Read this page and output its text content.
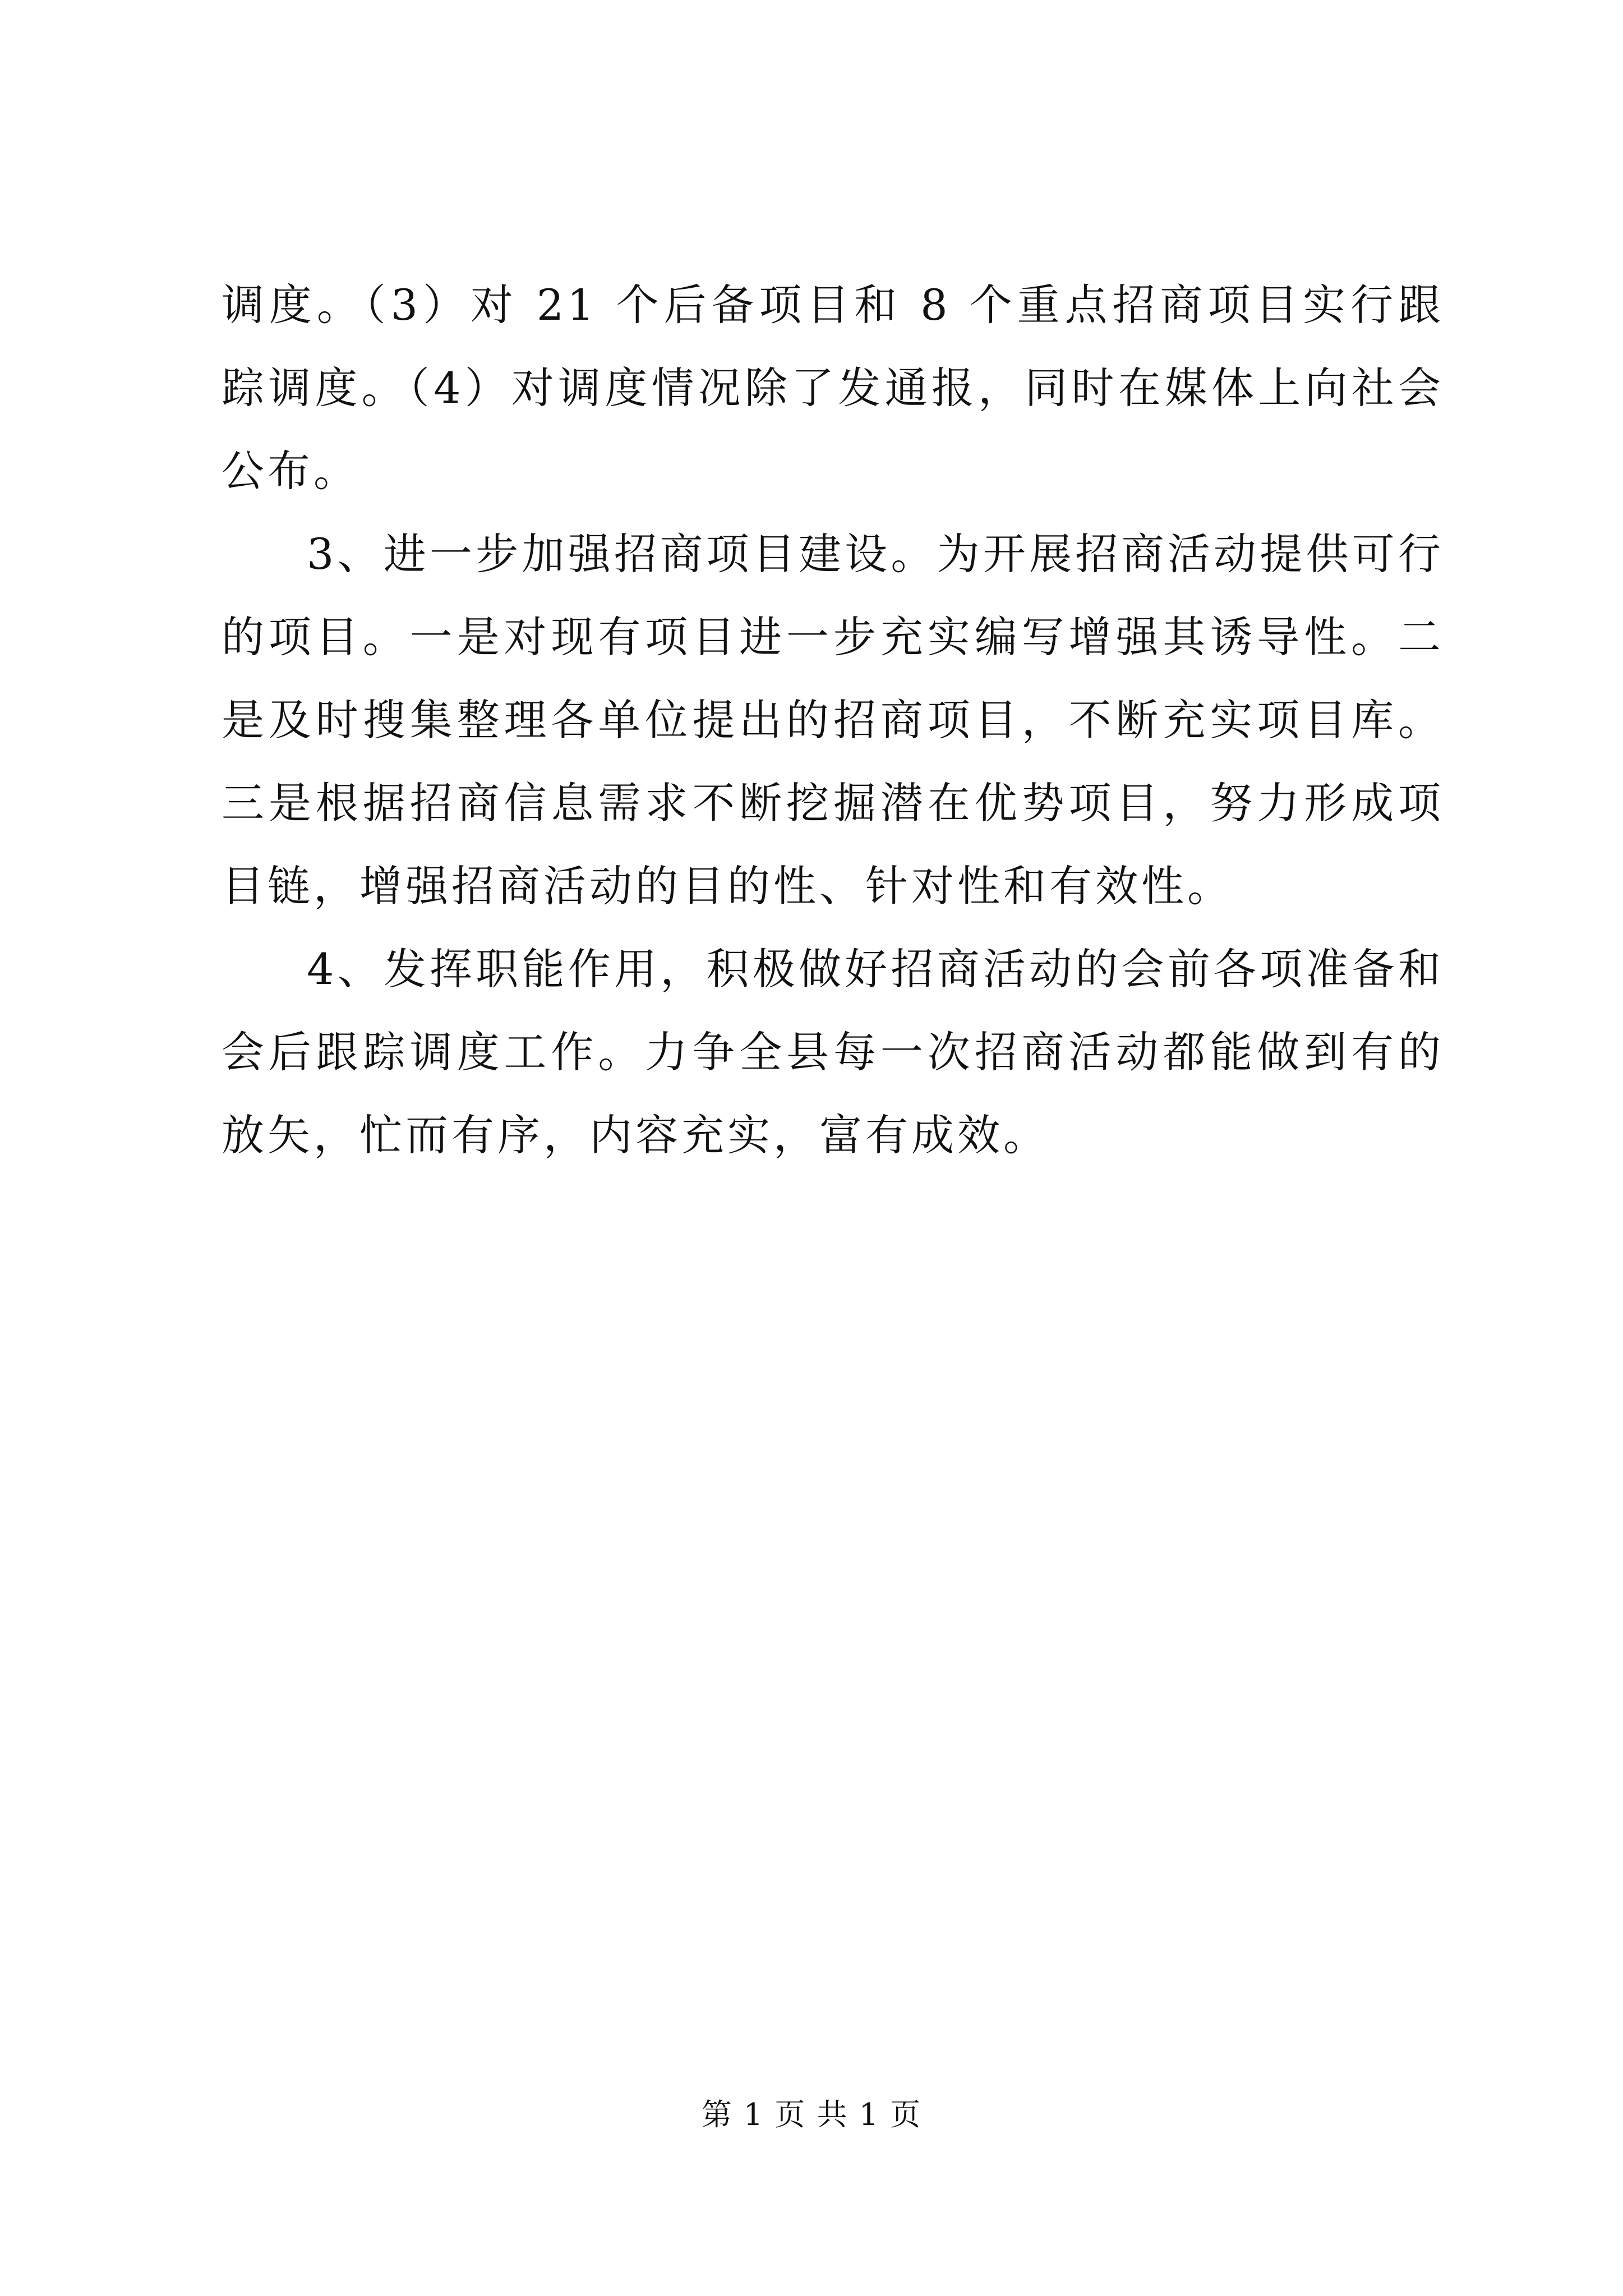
调度。（3）对 21 个后备项目和 8 个重点招商项目实行跟踪调度。（4）对调度情况除了发通报，同时在媒体上向社会公布。

3、进一步加强招商项目建设。为开展招商活动提供可行的项目。一是对现有项目进一步充实编写增强其诱导性。二是及时搜集整理各单位提出的招商项目，不断充实项目库。三是根据招商信息需求不断挖掘潜在优势项目，努力形成项目链，增强招商活动的目的性、针对性和有效性。

4、发挥职能作用，积极做好招商活动的会前各项准备和会后跟踪调度工作。力争全县每一次招商活动都能做到有的放矢，忙而有序，内容充实，富有成效。

第 1 页 共 1 页
